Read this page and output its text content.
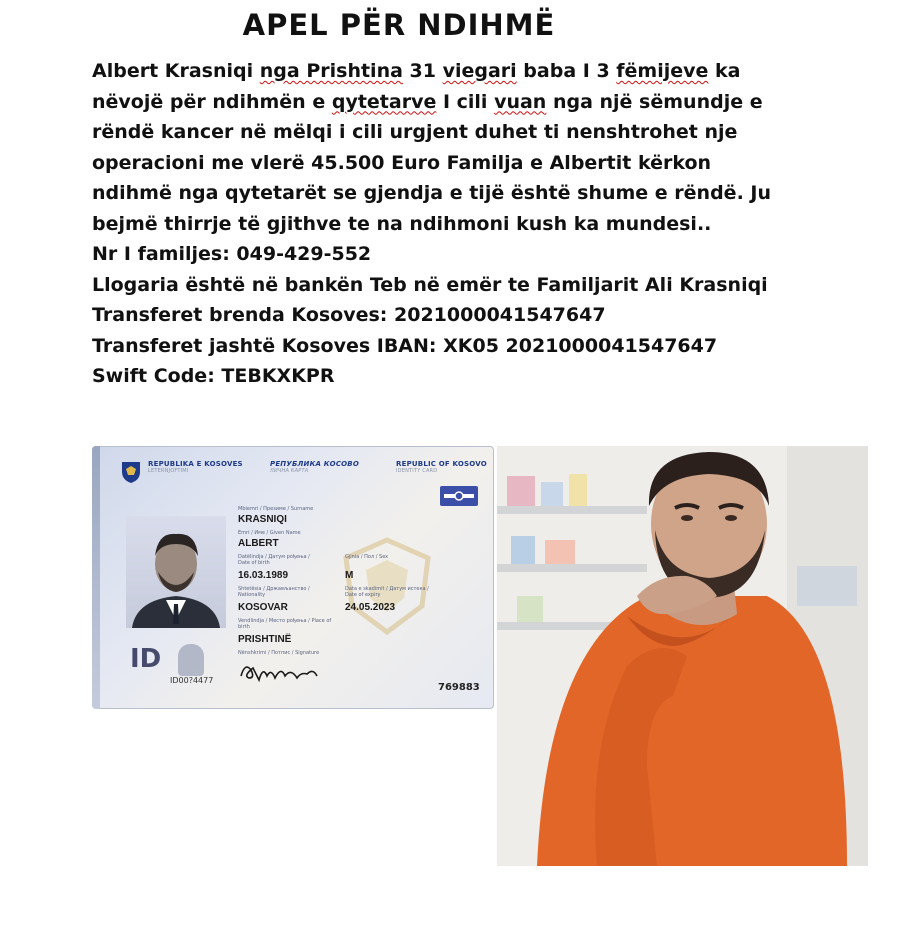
APEL PËR NDIHMË

Albert Krasniqi nga Prishtina 31 viegari baba I 3 fëmijeve ka

nëvojë për ndihmën e qytetarve I cili vuan nga një sëmundje e

rëndë kancer në mëlqi i cili urgjent duhet ti nenshtrohet nje

operacioni me vlerë 45.500 Euro Familja e Albertit kërkon

ndihmë nga qytetarët se gjendja e tijë është shume e rëndë. Ju

bejmë thirrje të gjithve te na ndihmoni kush ka mundesi..

Nr I familjes: 049-429-552

Llogaria është në bankën Teb në emër te Familjarit Ali Krasniqi

Transferet brenda Kosoves: 2021000041547647

Transferet jashtë Kosoves IBAN: XK05 2021000041547647

Swift Code: TEBKXKPR

REPUBLIKA E KOSOVES
LETERNJOFTIMI
РЕПУБЛИКА КОСОВО
ЛИЧНА КАРТА
REPUBLIC OF KOSOVO
IDENTITY CARD
Mbiemri / Презиме / Surname
KRASNIQI
Emri / Име / Given Name
ALBERT
Datëlindja / Датум рођења / Date of birth
16.03.1989
Gjinia / Пол / Sex
M
Shtetësia / Држављанство / Nationality
KOSOVAR
Data e skadimit / Датум истека / Date of expiry
24.05.2023
Vendlindja / Место рођења / Place of birth
PRISHTINË
Nënshkrimi / Потпис / Signature
ID
ID00?4477
769883
